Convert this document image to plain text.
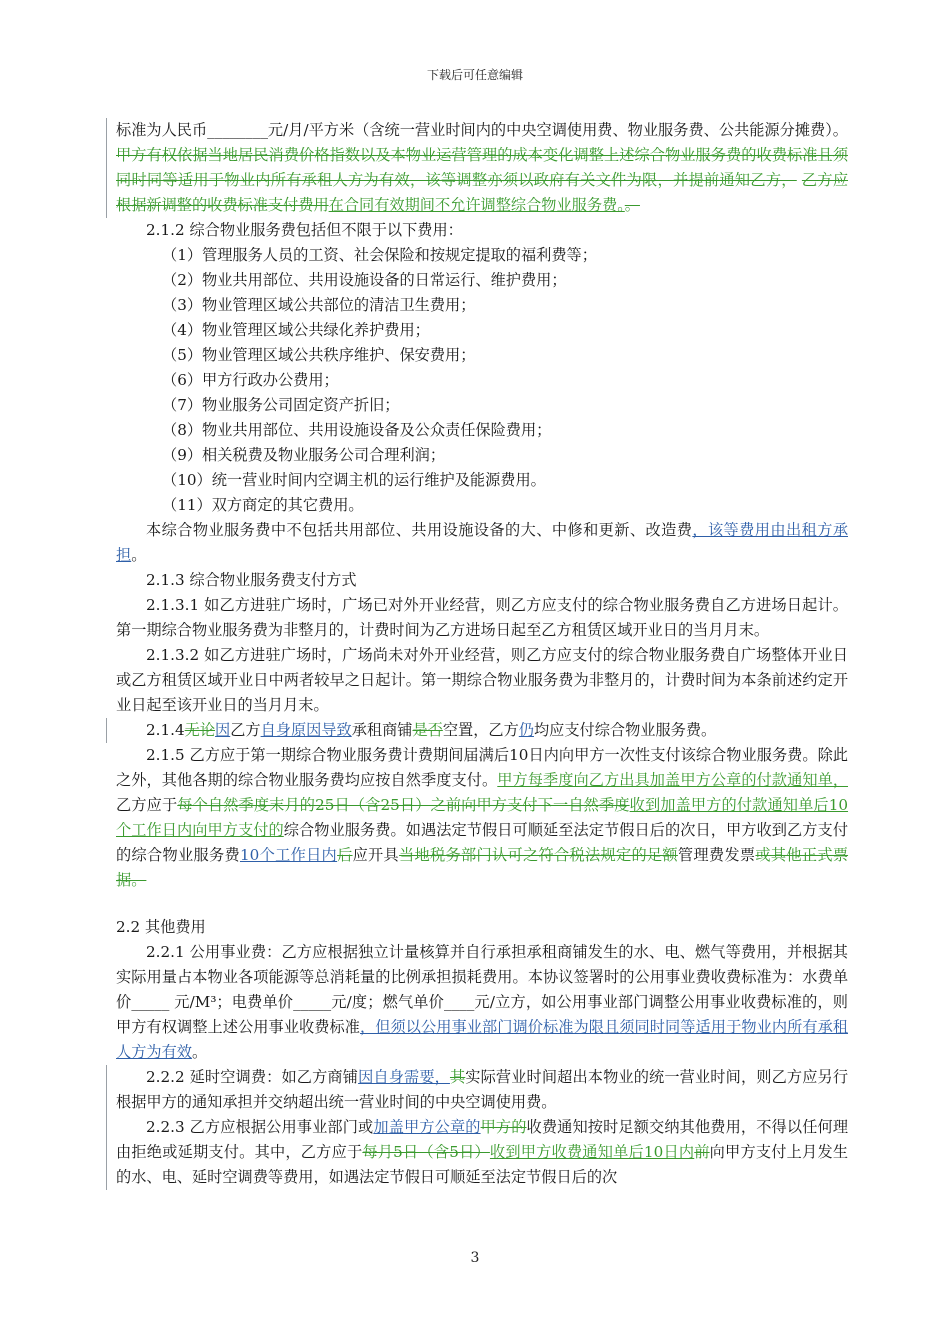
下载后可任意编辑

标准为人民币________元/月/平方米（含统一营业时间内的中央空调使用费、物业服务费、公共能源分摊费）。甲方有权依据当地居民消费价格指数以及本物业运营管理的成本变化调整上述综合物业服务费的收费标准且须同时同等适用于物业内所有承租人方为有效，该等调整亦须以政府有关文件为限，并提前通知乙方， 乙方应根据新调整的收费标准支付费用在合同有效期间不允许调整综合物业服务费。。

2.1.2 综合物业服务费包括但不限于以下费用：

（1）管理服务人员的工资、社会保险和按规定提取的福利费等；

（2）物业共用部位、共用设施设备的日常运行、维护费用；

（3）物业管理区域公共部位的清洁卫生费用；

（4）物业管理区域公共绿化养护费用；

（5）物业管理区域公共秩序维护、保安费用；

（6）甲方行政办公费用；

（7）物业服务公司固定资产折旧；

（8）物业共用部位、共用设施设备及公众责任保险费用；

（9）相关税费及物业服务公司合理利润；

（10）统一营业时间内空调主机的运行维护及能源费用。

（11）双方商定的其它费用。

本综合物业服务费中不包括共用部位、共用设施设备的大、中修和更新、改造费，该等费用由出租方承担。

2.1.3 综合物业服务费支付方式

2.1.3.1 如乙方进驻广场时，广场已对外开业经营，则乙方应支付的综合物业服务费自乙方进场日起计。第一期综合物业服务费为非整月的，计费时间为乙方进场日起至乙方租赁区域开业日的当月月末。

2.1.3.2 如乙方进驻广场时，广场尚未对外开业经营，则乙方应支付的综合物业服务费自广场整体开业日或乙方租赁区域开业日中两者较早之日起计。第一期综合物业服务费为非整月的，计费时间为本条前述约定开业日起至该开业日的当月月末。

2.1.4无论因乙方自身原因导致承租商铺是否空置，乙方仍均应支付综合物业服务费。

2.1.5 乙方应于第一期综合物业服务费计费期间届满后10日内向甲方一次性支付该综合物业服务费。除此之外，其他各期的综合物业服务费均应按自然季度支付。甲方每季度向乙方出具加盖甲方公章的付款通知单，乙方应于每个自然季度末月的25日（含25日）之前向甲方支付下一自然季度收到加盖甲方的付款通知单后10个工作日内向甲方支付的综合物业服务费。如遇法定节假日可顺延至法定节假日后的次日，甲方收到乙方支付的综合物业服务费10个工作日内后应开具当地税务部门认可之符合税法规定的足额管理费发票或其他正式票据。

2.2 其他费用

2.2.1 公用事业费：乙方应根据独立计量核算并自行承担承租商铺发生的水、电、燃气等费用，并根据其实际用量占本物业各项能源等总消耗量的比例承担损耗费用。本协议签署时的公用事业费收费标准为：水费单价_____ 元/M³；电费单价_____元/度；燃气单价____元/立方，如公用事业部门调整公用事业收费标准的，则甲方有权调整上述公用事业收费标准，但须以公用事业部门调价标准为限且须同时同等适用于物业内所有承租人方为有效。

2.2.2 延时空调费：如乙方商铺因自身需要，其实际营业时间超出本物业的统一营业时间，则乙方应另行根据甲方的通知承担并交纳超出统一营业时间的中央空调使用费。

2.2.3 乙方应根据公用事业部门或加盖甲方公章的甲方的收费通知按时足额交纳其他费用，不得以任何理由拒绝或延期支付。其中，乙方应于每月5日（含5日）收到甲方收费通知单后10日内前向甲方支付上月发生的水、电、延时空调费等费用，如遇法定节假日可顺延至法定节假日后的次

3
